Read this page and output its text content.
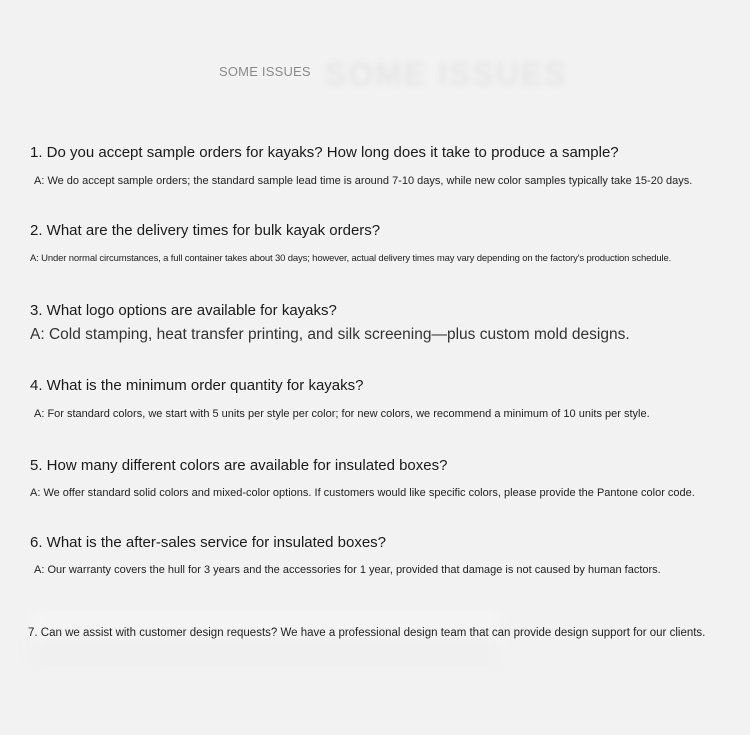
SOME ISSUES
SOME ISSUES
1. Do you accept sample orders for kayaks? How long does it take to produce a sample?
A: We do accept sample orders; the standard sample lead time is around 7-10 days, while new color samples typically take 15-20 days.
2. What are the delivery times for bulk kayak orders?
A: Under normal circumstances, a full container takes about 30 days; however, actual delivery times may vary depending on the factory's production schedule.
3. What logo options are available for kayaks?
A: Cold stamping, heat transfer printing, and silk screening—plus custom mold designs.
4. What is the minimum order quantity for kayaks?
A: For standard colors, we start with 5 units per style per color; for new colors, we recommend a minimum of 10 units per style.
5. How many different colors are available for insulated boxes?
A: We offer standard solid colors and mixed-color options. If customers would like specific colors, please provide the Pantone color code.
6. What is the after-sales service for insulated boxes?
A: Our warranty covers the hull for 3 years and the accessories for 1 year, provided that damage is not caused by human factors.
7. Can we assist with customer design requests? We have a professional design team that can provide design support for our clients.
